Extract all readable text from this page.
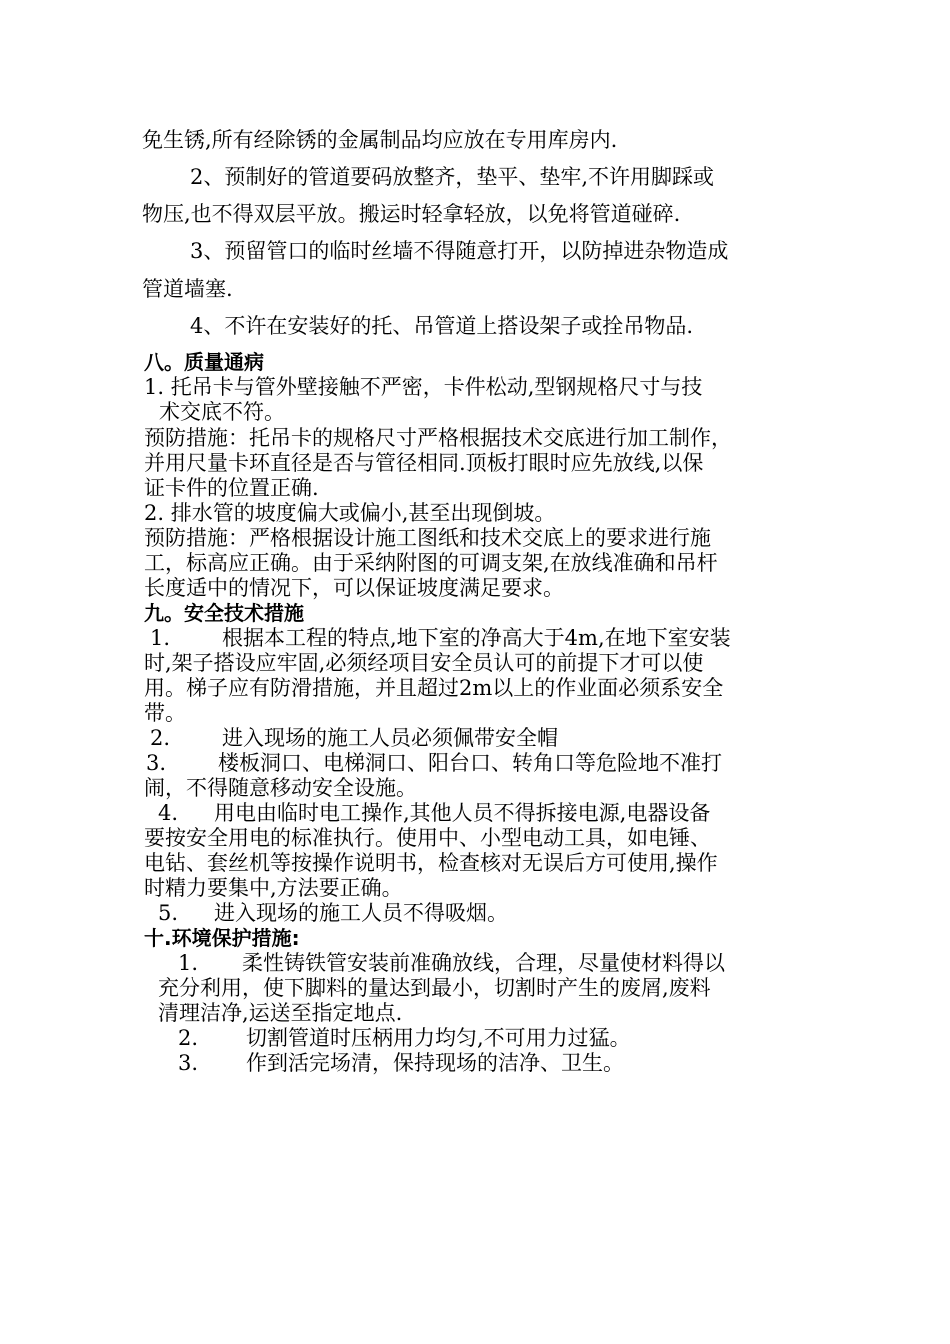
免生锈,所有经除锈的金属制品均应放在专用库房内.
2、预制好的管道要码放整齐，垫平、垫牢,不许用脚踩或
物压,也不得双层平放。搬运时轻拿轻放，以免将管道碰碎.
3、预留管口的临时丝墙不得随意打开，以防掉进杂物造成
管道墙塞.
4、不许在安装好的托、吊管道上搭设架子或拴吊物品.
八。质量通病
1. 托吊卡与管外壁接触不严密，卡件松动,型钢规格尺寸与技
术交底不符。
预防措施：托吊卡的规格尺寸严格根据技术交底进行加工制作，
并用尺量卡环直径是否与管径相同.顶板打眼时应先放线,以保
证卡件的位置正确.
2. 排水管的坡度偏大或偏小,甚至出现倒坡。
预防措施：严格根据设计施工图纸和技术交底上的要求进行施
工，标高应正确。由于采纳附图的可调支架,在放线准确和吊杆
长度适中的情况下，可以保证坡度满足要求。
九。安全技术措施
1. 根据本工程的特点,地下室的净高大于4m,在地下室安装
时,架子搭设应牢固,必须经项目安全员认可的前提下才可以使
用。梯子应有防滑措施，并且超过2m以上的作业面必须系安全
带。
2. 进入现场的施工人员必须佩带安全帽
3. 楼板洞口、电梯洞口、阳台口、转角口等危险地不准打
闹，不得随意移动安全设施。
4. 用电由临时电工操作,其他人员不得拆接电源,电器设备
要按安全用电的标准执行。使用中、小型电动工具，如电锤、
电钻、套丝机等按操作说明书，检查核对无误后方可使用,操作
时精力要集中,方法要正确。
5. 进入现场的施工人员不得吸烟。
十.环境保护措施:
1. 柔性铸铁管安装前准确放线，合理，尽量使材料得以
充分利用，使下脚料的量达到最小，切割时产生的废屑,废料
清理洁净,运送至指定地点.
2. 切割管道时压柄用力均匀,不可用力过猛。
3. 作到活完场清，保持现场的洁净、卫生。
